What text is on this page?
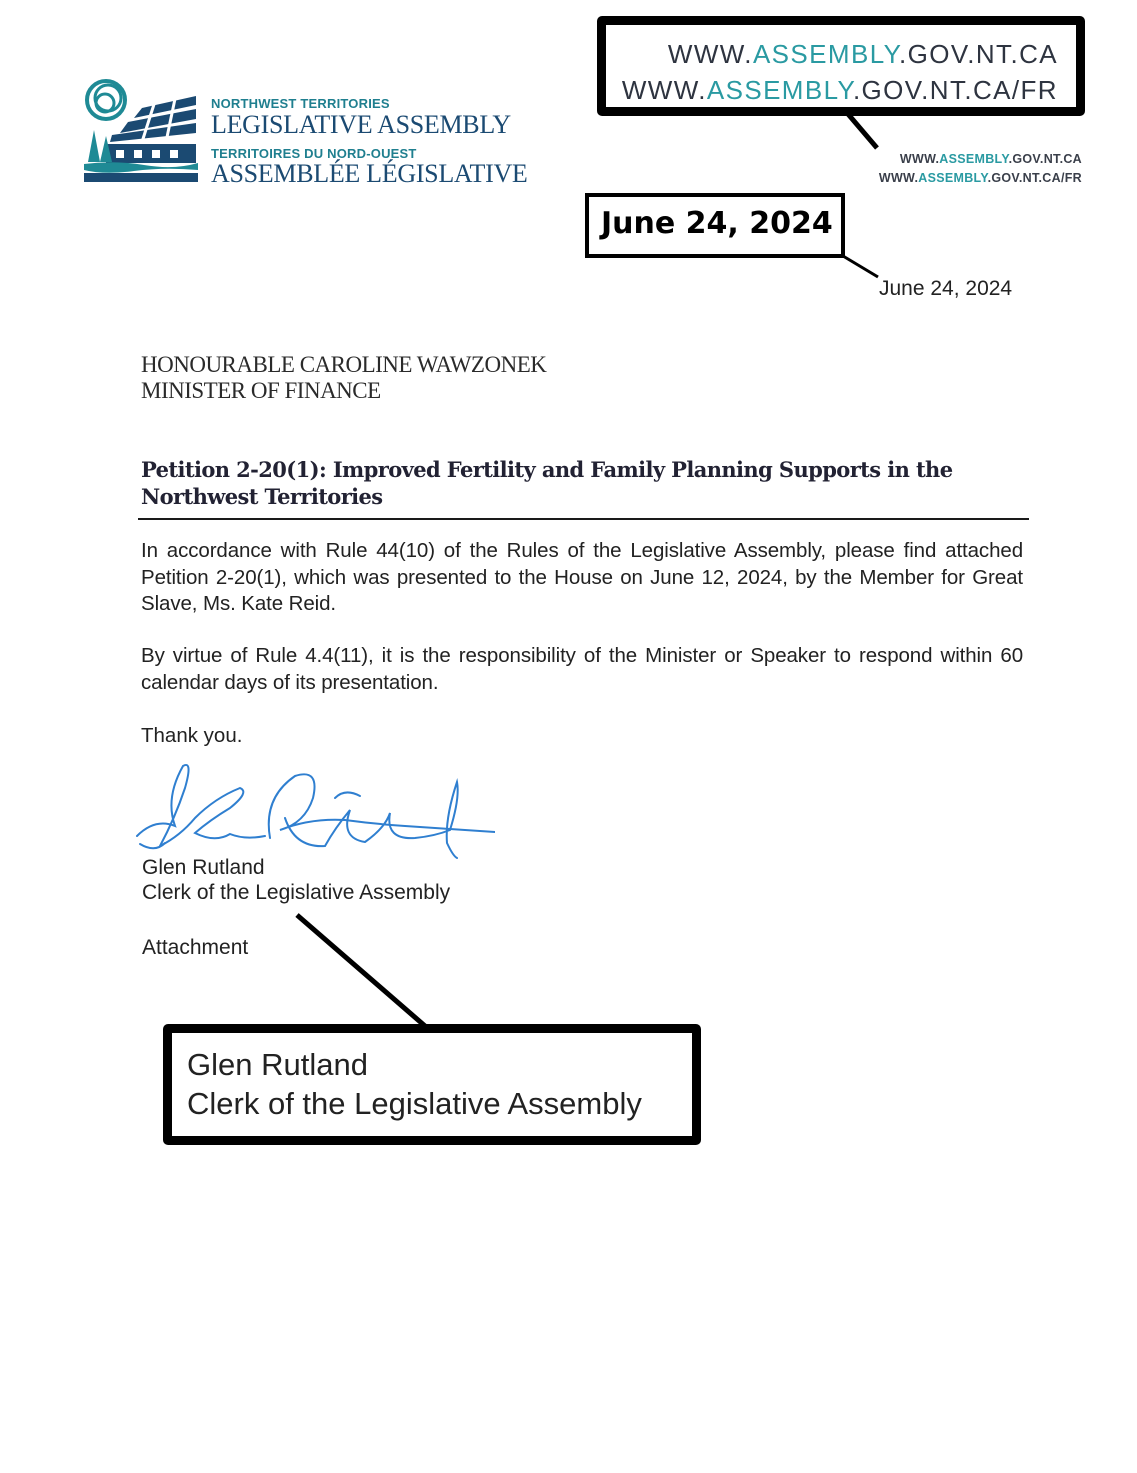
NORTHWEST TERRITORIES
LEGISLATIVE ASSEMBLY
TERRITOIRES DU NORD-OUEST
ASSEMBLÉE LÉGISLATIVE	WWW.ASSEMBLY.GOV.NT.CA
WWW.ASSEMBLY.GOV.NT.CA/FR
WWW.ASSEMBLY.GOV.NT.CA
WWW.ASSEMBLY.GOV.NT.CA/FR
June 24, 2024
June 24, 2024
HONOURABLE CAROLINE WAWZONEK
MINISTER OF FINANCE
Petition 2-20(1): Improved Fertility and Family Planning Supports in the Northwest Territories
In accordance with Rule 44(10) of the Rules of the Legislative Assembly, please find attached Petition 2-20(1), which was presented to the House on June 12, 2024, by the Member for Great Slave, Ms. Kate Reid.
By virtue of Rule 4.4(11), it is the responsibility of the Minister or Speaker to respond within 60 calendar days of its presentation.
Thank you.
Glen Rutland
Clerk of the Legislative Assembly
Attachment
Glen Rutland
Clerk of the Legislative Assembly
